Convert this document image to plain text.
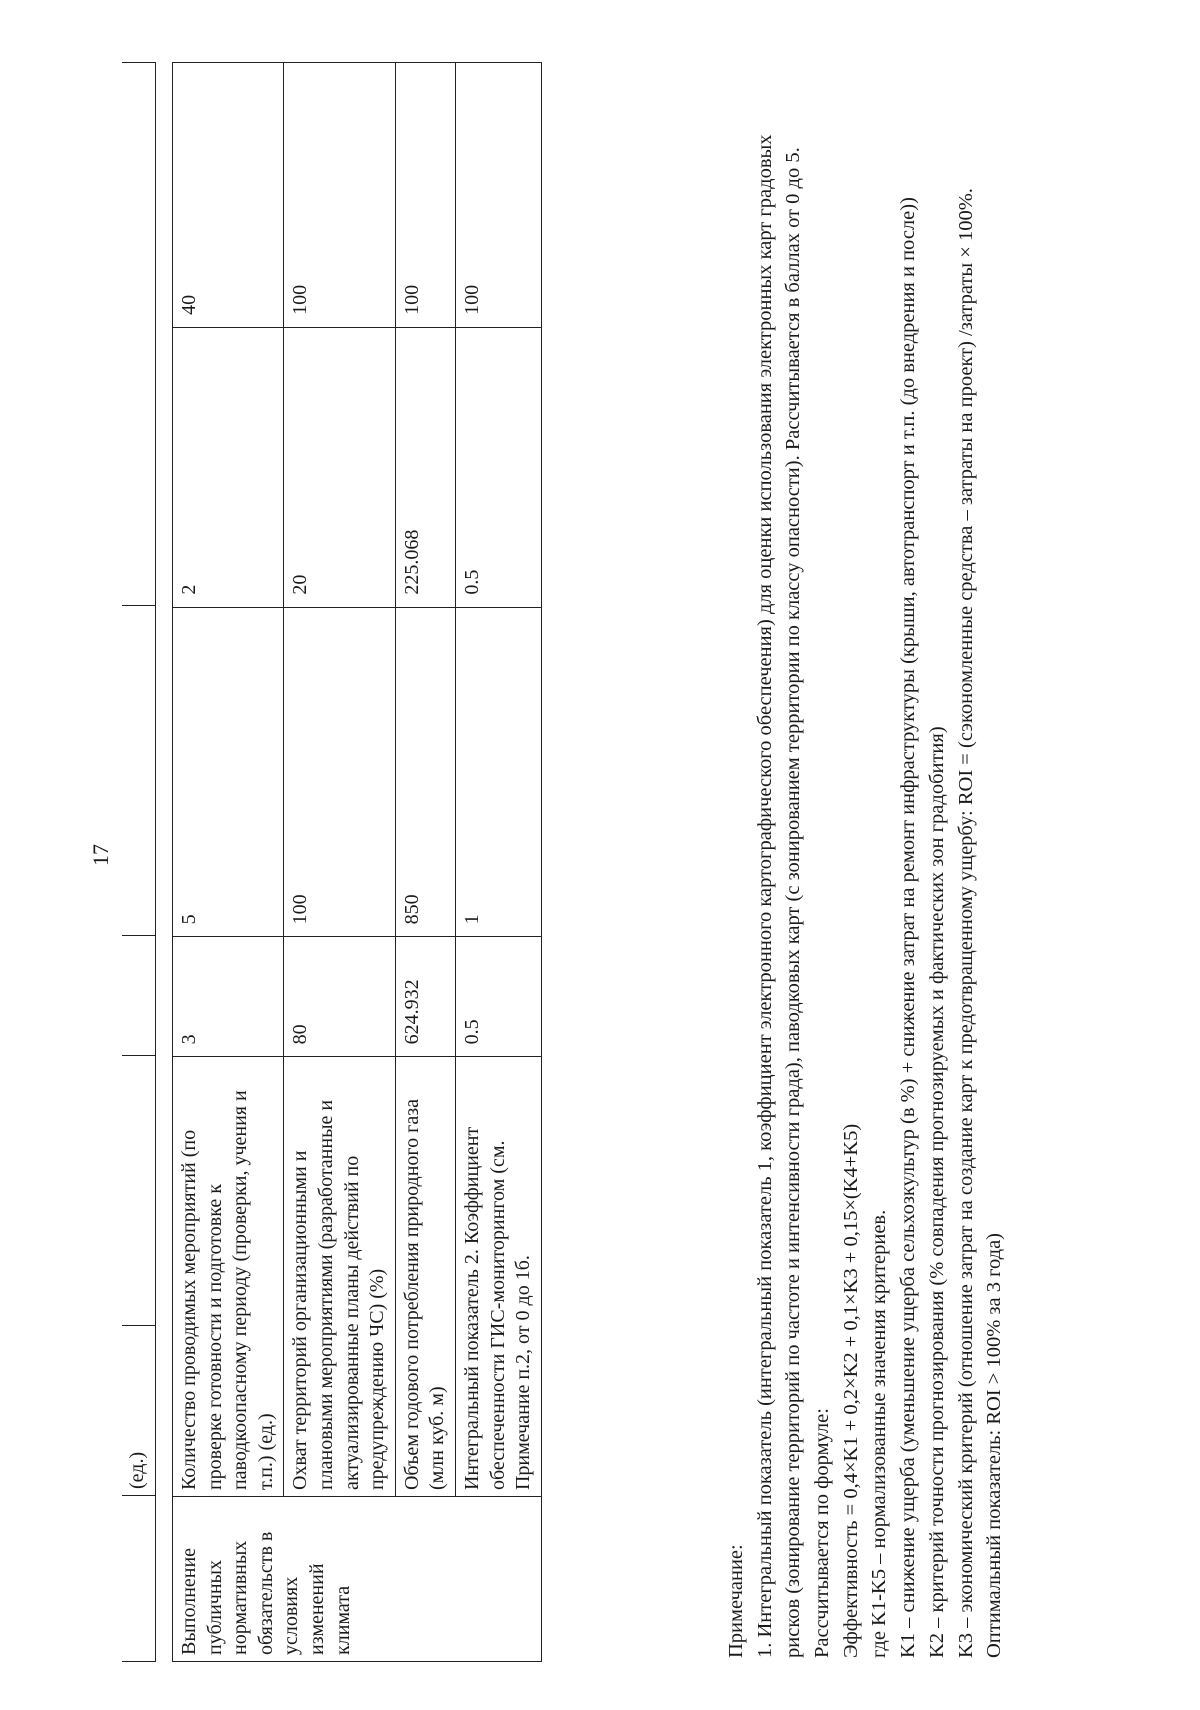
17
(ед.)
Выполнение публичных нормативных обязательств в условиях изменений климата	Количество проводимых мероприятий (по проверке готовности и подготовке к паводкоопасному периоду (проверки, учения и т.п.) (ед.)	3	5	2	40
	Охват территорий организационными и плановыми мероприятиями (разработанные и актуализированные планы действий по предупреждению ЧС) (%)	80	100	20	100
	Объем годового потребления природного газа (млн куб. м)	624.932	850	225.068	100
	Интегральный показатель 2. Коэффициент обеспеченности ГИС-мониторингом (см. Примечание п.2, от 0 до 1б.	0.5	1	0.5	100

Примечание: 1. Интегральный показатель (интегральный показатель 1, коэффициент электронного картографического обеспечения) для оценки использования электронных карт градовых рисков (зонирование территорий по частоте и интенсивности града), паводковых карт (с зонированием территории по классу опасности). Рассчитывается в баллах от 0 до 5. Рассчитывается по формуле: Эффективность = 0,4×K1 + 0,2×K2 + 0,1×K3 + 0,15×(K4+K5) где K1-K5 – нормализованные значения критериев. K1 – снижение ущерба (уменьшение ущерба сельхозкультур (в %) + снижение затрат на ремонт инфраструктуры (крыши, автотранспорт и т.п. (до внедрения и после)) K2 – критерий точности прогнозирования (% совпадения прогнозируемых и фактических зон градобития) K3 – экономический критерий (отношение затрат на создание карт к предотвращенному ущербу: ROI = (сэкономленные средства – затраты на проект) /затраты × 100%. Оптимальный показатель: ROI > 100% за 3 года)
